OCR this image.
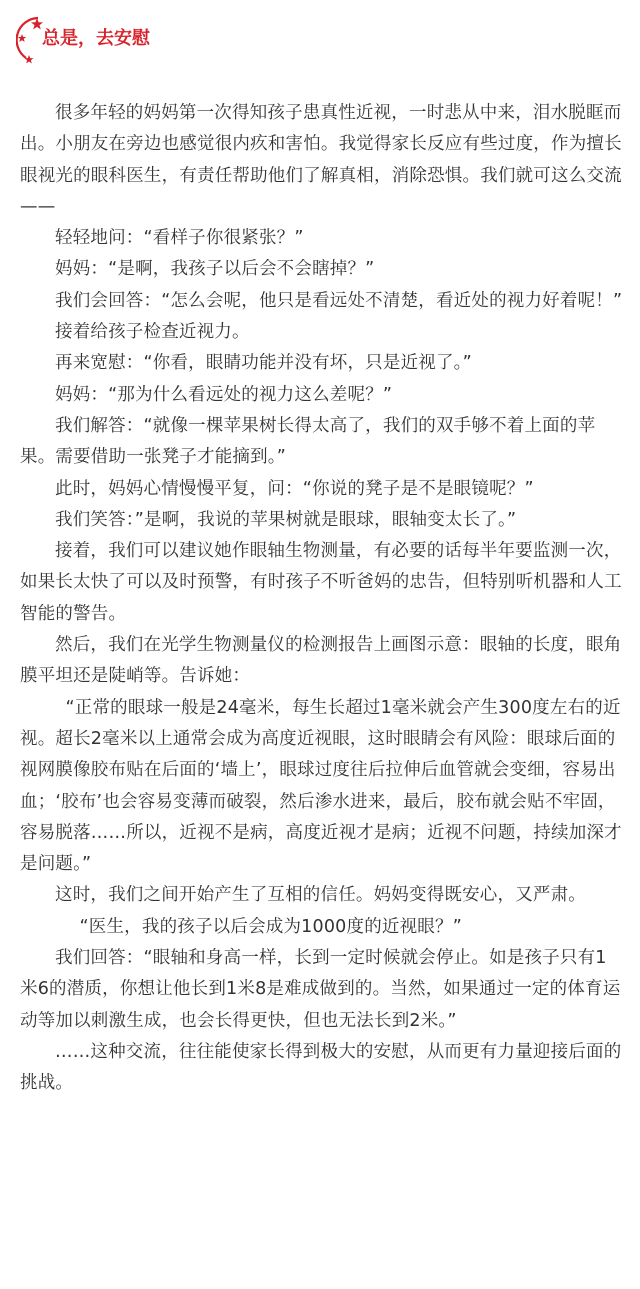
总是，去安慰

很多年轻的妈妈第一次得知孩子患真性近视，一时悲从中来，泪水脱眶而出。小朋友在旁边也感觉很内疚和害怕。我觉得家长反应有些过度，作为擅长眼视光的眼科医生，有责任帮助他们了解真相，消除恐惧。我们就可这么交流——

轻轻地问：“看样子你很紧张？”

妈妈：“是啊，我孩子以后会不会瞎掉？”

我们会回答：“怎么会呢，他只是看远处不清楚，看近处的视力好着呢！”

接着给孩子检查近视力。

再来宽慰：“你看，眼睛功能并没有坏，只是近视了。”

妈妈：“那为什么看远处的视力这么差呢？”

我们解答：“就像一棵苹果树长得太高了，我们的双手够不着上面的苹果。需要借助一张凳子才能摘到。”

此时，妈妈心情慢慢平复，问：“你说的凳子是不是眼镜呢？”

我们笑答：”是啊，我说的苹果树就是眼球，眼轴变太长了。”

接着，我们可以建议她作眼轴生物测量，有必要的话每半年要监测一次，如果长太快了可以及时预警，有时孩子不听爸妈的忠告，但特别听机器和人工智能的警告。

然后，我们在光学生物测量仪的检测报告上画图示意：眼轴的长度，眼角膜平坦还是陡峭等。告诉她：

“正常的眼球一般是24毫米，每生长超过1毫米就会产生300度左右的近视。超长2毫米以上通常会成为高度近视眼，这时眼睛会有风险：眼球后面的视网膜像胶布贴在后面的‘墙上’，眼球过度往后拉伸后血管就会变细，容易出血；‘胶布’也会容易变薄而破裂，然后渗水进来，最后，胶布就会贴不牢固，容易脱落……所以，近视不是病，高度近视才是病；近视不问题，持续加深才是问题。”

这时，我们之间开始产生了互相的信任。妈妈变得既安心，又严肃。

“医生，我的孩子以后会成为1000度的近视眼？”

我们回答：“眼轴和身高一样，长到一定时候就会停止。如是孩子只有1米6的潜质，你想让他长到1米8是难成做到的。当然，如果通过一定的体育运动等加以刺激生成，也会长得更快，但也无法长到2米。”

……这种交流，往往能使家长得到极大的安慰，从而更有力量迎接后面的挑战。
